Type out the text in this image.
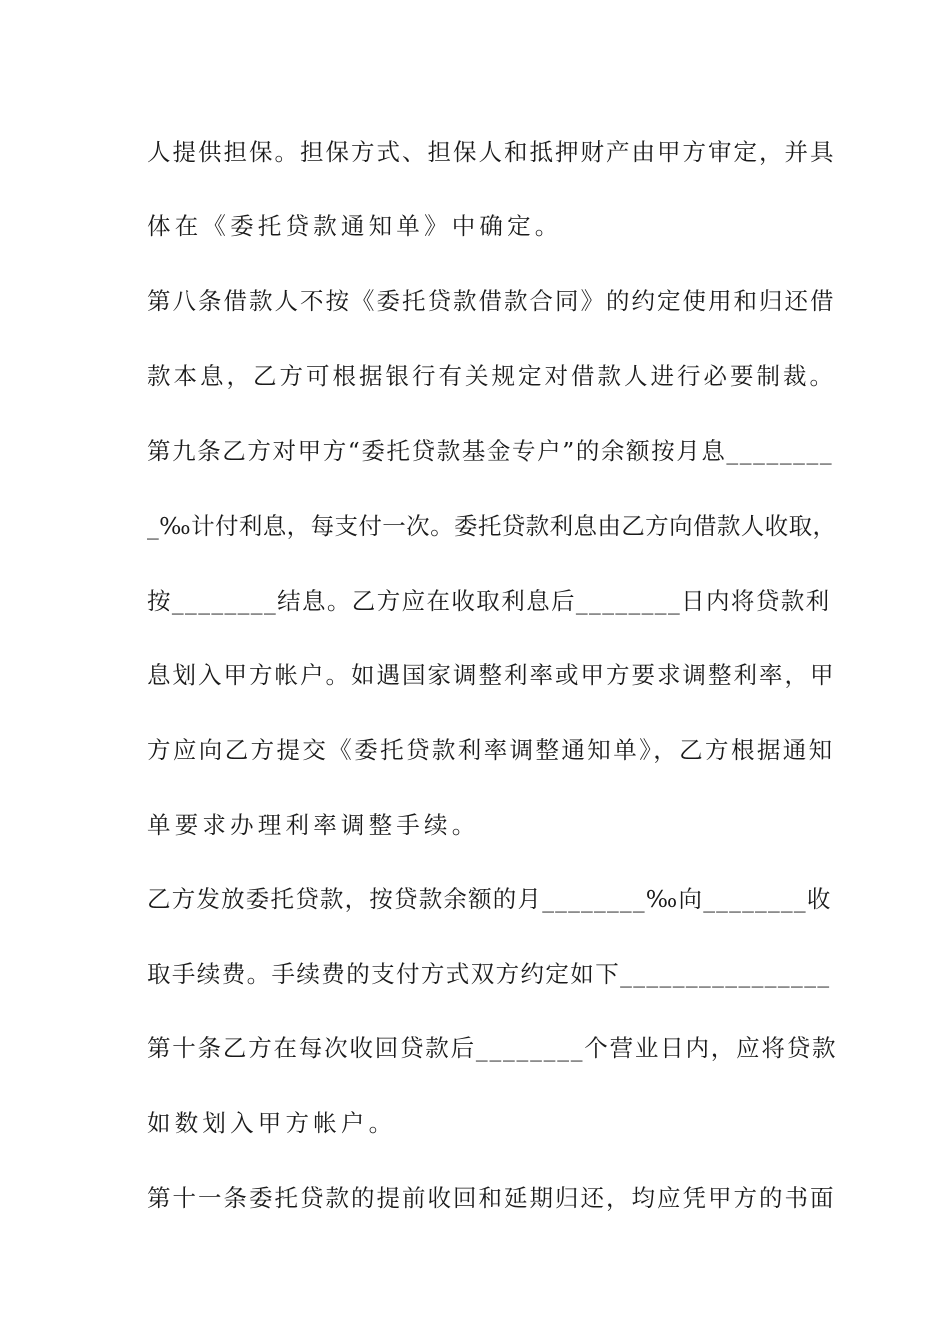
人提供担保。担保方式、担保人和抵押财产由甲方审定，并具
体在《委托贷款通知单》中确定。
第八条借款人不按《委托贷款借款合同》的约定使用和归还借
款本息，乙方可根据银行有关规定对借款人进行必要制裁。
第九条乙方对甲方“委托贷款基金专户”的余额按月息________
_‰计付利息，每支付一次。委托贷款利息由乙方向借款人收取，
按________结息。乙方应在收取利息后________日内将贷款利
息划入甲方帐户。如遇国家调整利率或甲方要求调整利率，甲
方应向乙方提交《委托贷款利率调整通知单》，乙方根据通知
单要求办理利率调整手续。
乙方发放委托贷款，按贷款余额的月________‰向________收
取手续费。手续费的支付方式双方约定如下________________
第十条乙方在每次收回贷款后________个营业日内，应将贷款
如数划入甲方帐户。
第十一条委托贷款的提前收回和延期归还，均应凭甲方的书面
